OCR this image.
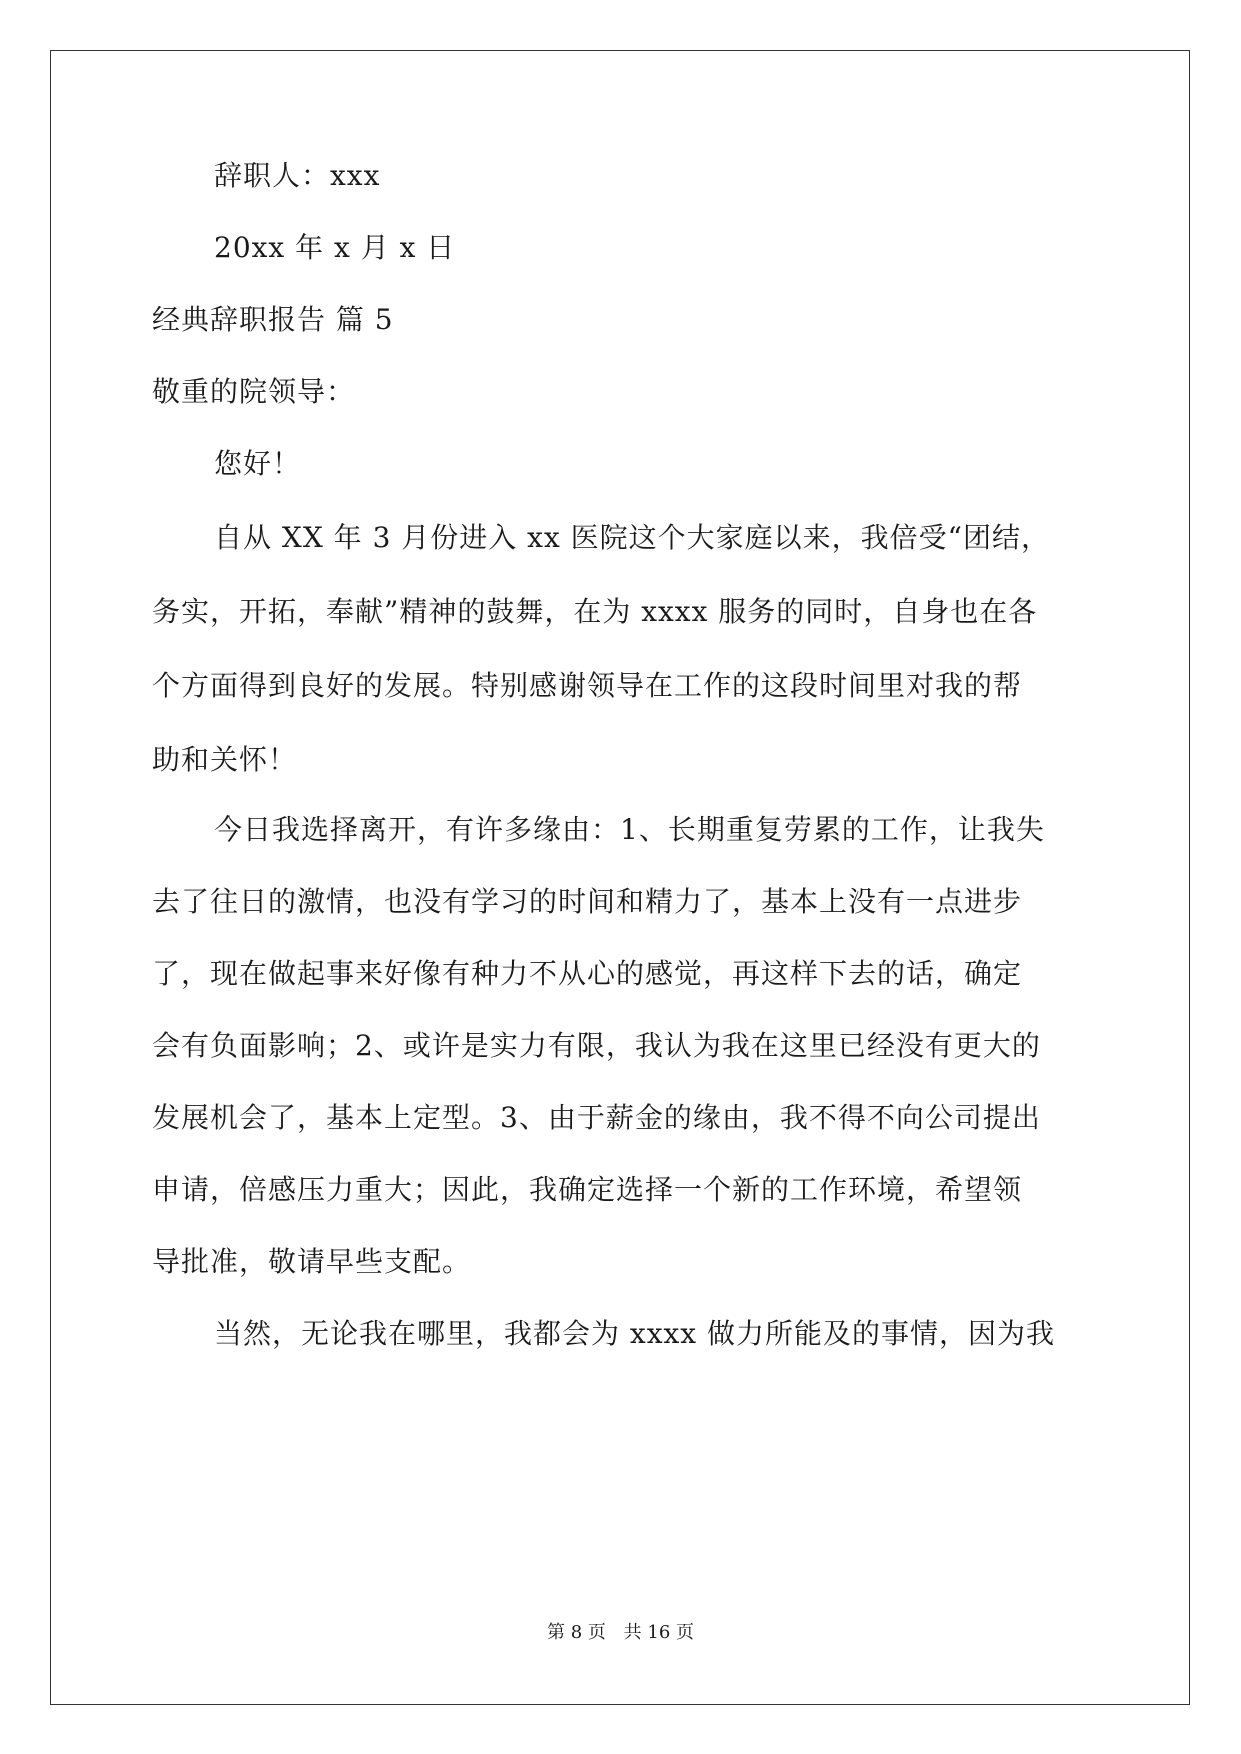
辞职人：xxx
20xx 年 x 月 x 日
经典辞职报告 篇 5
敬重的院领导：
您好！
自从 XX 年 3 月份进入 xx 医院这个大家庭以来，我倍受“团结，
务实，开拓，奉献”精神的鼓舞，在为 xxxx 服务的同时，自身也在各
个方面得到良好的发展。特别感谢领导在工作的这段时间里对我的帮
助和关怀！
今日我选择离开，有许多缘由：1、长期重复劳累的工作，让我失
去了往日的激情，也没有学习的时间和精力了，基本上没有一点进步
了，现在做起事来好像有种力不从心的感觉，再这样下去的话，确定
会有负面影响；2、或许是实力有限，我认为我在这里已经没有更大的
发展机会了，基本上定型。3、由于薪金的缘由，我不得不向公司提出
申请，倍感压力重大；因此，我确定选择一个新的工作环境，希望领
导批准，敬请早些支配。
当然，无论我在哪里，我都会为 xxxx 做力所能及的事情，因为我
第 8 页 共 16 页
